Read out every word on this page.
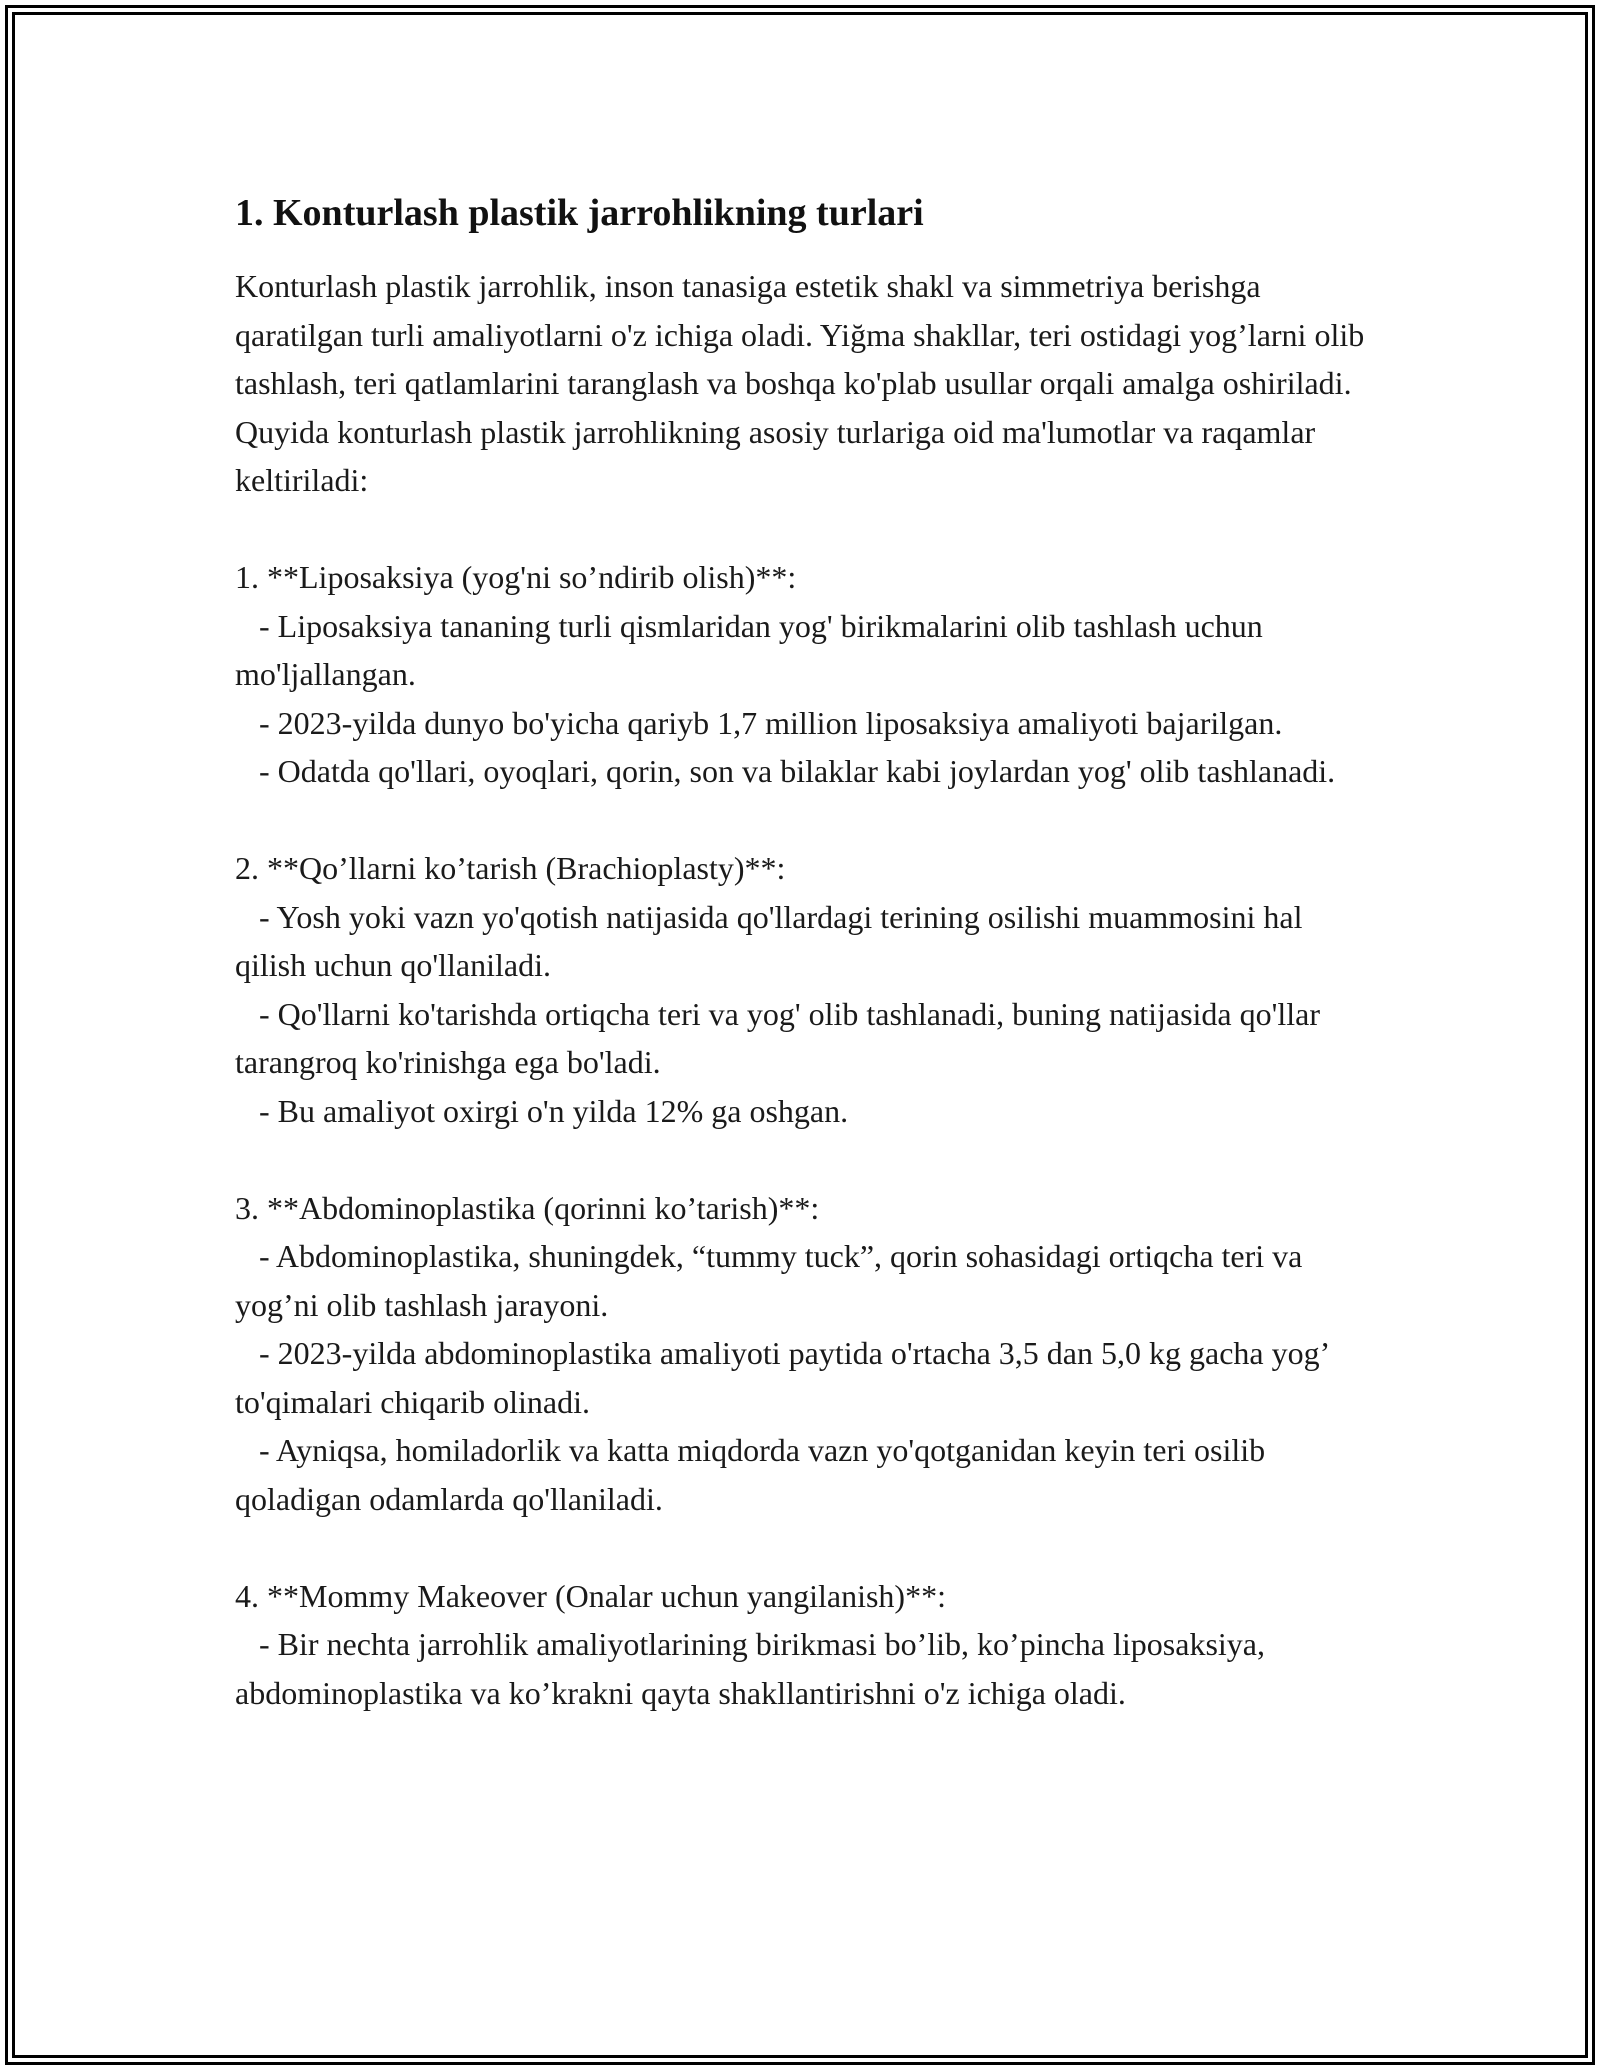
1. Konturlash plastik jarrohlikning turlari

Konturlash plastik jarrohlik, inson tanasiga estetik shakl va simmetriya berishga qaratilgan turli amaliyotlarni o'z ichiga oladi. Yiğma shakllar, teri ostidagi yog’larni olib tashlash, teri qatlamlarini taranglash va boshqa ko'plab usullar orqali amalga oshiriladi. Quyida konturlash plastik jarrohlikning asosiy turlariga oid ma'lumotlar va raqamlar keltiriladi:

1. **Liposaksiya (yog'ni so’ndirib olish)**:
- Liposaksiya tananing turli qismlaridan yog' birikmalarini olib tashlash uchun mo'ljallangan.
- 2023-yilda dunyo bo'yicha qariyb 1,7 million liposaksiya amaliyoti bajarilgan.
- Odatda qo'llari, oyoqlari, qorin, son va bilaklar kabi joylardan yog' olib tashlanadi.
2. **Qo’llarni ko’tarish (Brachioplasty)**:
- Yosh yoki vazn yo'qotish natijasida qo'llardagi terining osilishi muammosini hal qilish uchun qo'llaniladi.
- Qo'llarni ko'tarishda ortiqcha teri va yog' olib tashlanadi, buning natijasida qo'llar tarangroq ko'rinishga ega bo'ladi.
- Bu amaliyot oxirgi o'n yilda 12% ga oshgan.
3. **Abdominoplastika (qorinni ko’tarish)**:
- Abdominoplastika, shuningdek, “tummy tuck”, qorin sohasidagi ortiqcha teri va yog’ni olib tashlash jarayoni.
- 2023-yilda abdominoplastika amaliyoti paytida o'rtacha 3,5 dan 5,0 kg gacha yog’ to'qimalari chiqarib olinadi.
- Ayniqsa, homiladorlik va katta miqdorda vazn yo'qotganidan keyin teri osilib qoladigan odamlarda qo'llaniladi.
4. **Mommy Makeover (Onalar uchun yangilanish)**:
- Bir nechta jarrohlik amaliyotlarining birikmasi bo’lib, ko’pincha liposaksiya, abdominoplastika va ko’krakni qayta shakllantirishni o'z ichiga oladi.
